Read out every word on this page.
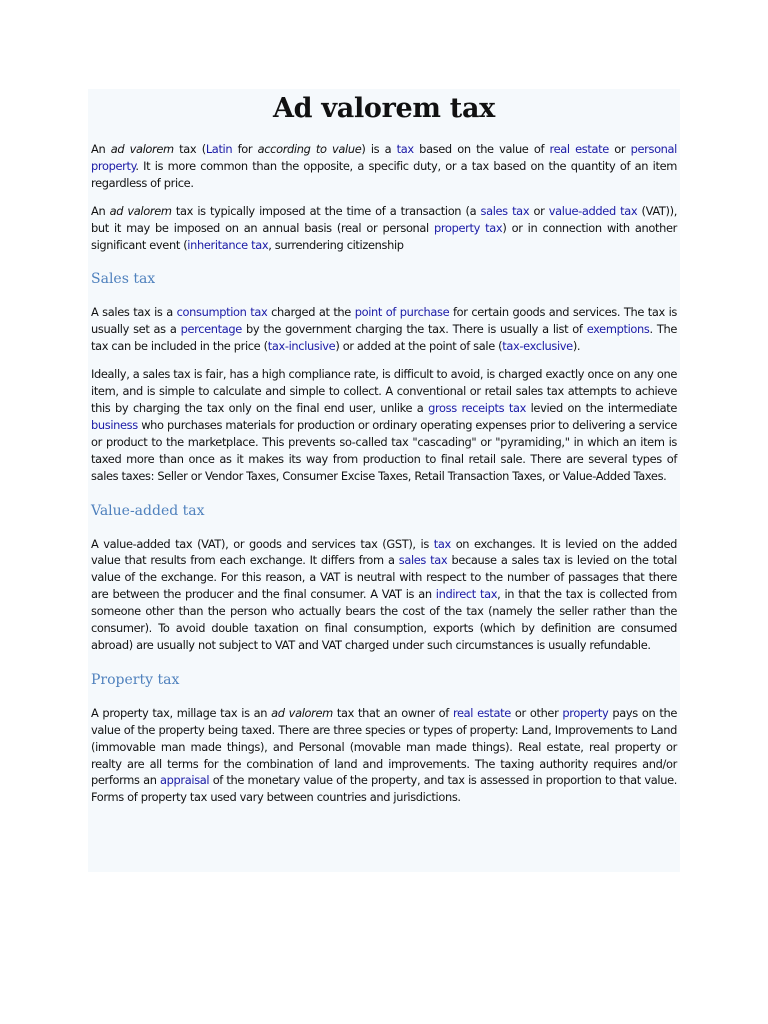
Ad valorem tax

An ad valorem tax (Latin for according to value) is a tax based on the value of real estate or personal property. It is more common than the opposite, a specific duty, or a tax based on the quantity of an item regardless of price.

An ad valorem tax is typically imposed at the time of a transaction (a sales tax or value-added tax (VAT)), but it may be imposed on an annual basis (real or personal property tax) or in connection with another significant event (inheritance tax, surrendering citizenship

Sales tax

A sales tax is a consumption tax charged at the point of purchase for certain goods and services. The tax is usually set as a percentage by the government charging the tax. There is usually a list of exemptions. The tax can be included in the price (tax-inclusive) or added at the point of sale (tax-exclusive).

Ideally, a sales tax is fair, has a high compliance rate, is difficult to avoid, is charged exactly once on any one item, and is simple to calculate and simple to collect. A conventional or retail sales tax attempts to achieve this by charging the tax only on the final end user, unlike a gross receipts tax levied on the intermediate business who purchases materials for production or ordinary operating expenses prior to delivering a service or product to the marketplace. This prevents so-called tax "cascading" or "pyramiding," in which an item is taxed more than once as it makes its way from production to final retail sale. There are several types of sales taxes: Seller or Vendor Taxes, Consumer Excise Taxes, Retail Transaction Taxes, or Value-Added Taxes.

Value-added tax

A value-added tax (VAT), or goods and services tax (GST), is tax on exchanges. It is levied on the added value that results from each exchange. It differs from a sales tax because a sales tax is levied on the total value of the exchange. For this reason, a VAT is neutral with respect to the number of passages that there are between the producer and the final consumer. A VAT is an indirect tax, in that the tax is collected from someone other than the person who actually bears the cost of the tax (namely the seller rather than the consumer). To avoid double taxation on final consumption, exports (which by definition are consumed abroad) are usually not subject to VAT and VAT charged under such circumstances is usually refundable.

Property tax

A property tax, millage tax is an ad valorem tax that an owner of real estate or other property pays on the value of the property being taxed. There are three species or types of property: Land, Improvements to Land (immovable man made things), and Personal (movable man made things). Real estate, real property or realty are all terms for the combination of land and improvements. The taxing authority requires and/or performs an appraisal of the monetary value of the property, and tax is assessed in proportion to that value. Forms of property tax used vary between countries and jurisdictions.
